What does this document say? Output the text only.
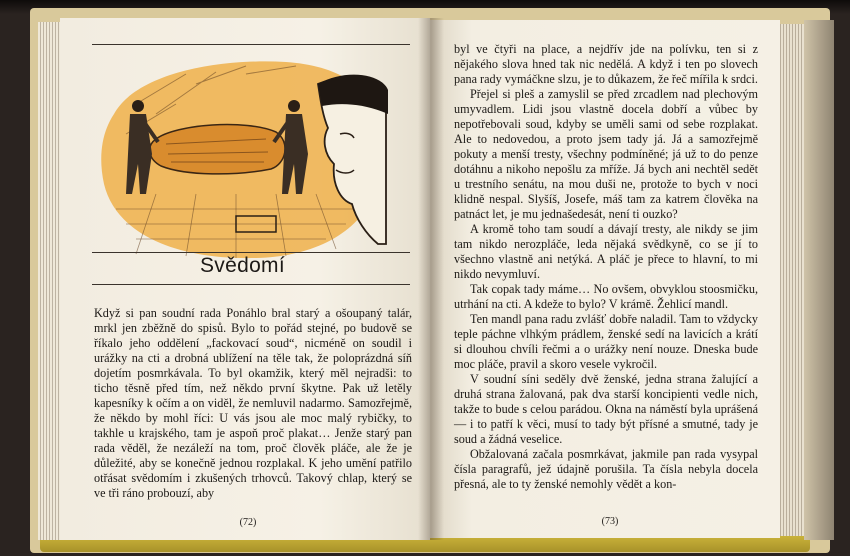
Svědomí

Když si pan soudní rada Ponáhlo bral starý a ošoupaný talár, mrkl jen zběžně do spisů. Bylo to pořád stejné, po budově se říkalo jeho oddělení „fackovací soud“, nicméně on soudil i urážky na cti a drobná ublížení na těle tak, že poloprázdná síň dojetím posmrkávala. To byl okamžik, který měl nejradši: to ticho těsně před tím, než někdo první škytne. Pak už letěly kapesníky k očím a on viděl, že nemluvil nadarmo. Samozřejmě, že někdo by mohl říci: U vás jsou ale moc malý rybičky, to takhle u krajského, tam je aspoň proč plakat… Jenže starý pan rada věděl, že nezáleží na tom, proč člověk pláče, ale že je důležité, aby se konečně jednou rozplakal. K jeho umění patřilo otřásat svědomím i zkušených trhovců. Takový chlap, který se ve tři ráno probouzí, aby

(72)

byl ve čtyři na place, a nejdřív jde na polívku, ten si z nějakého slova hned tak nic nedělá. A když i ten po slovech pana rady vymáčkne slzu, je to důkazem, že řeč mířila k srdci.

Přejel si pleš a zamyslil se před zrcadlem nad plechovým umyvadlem. Lidi jsou vlastně docela dobří a vůbec by nepotřebovali soud, kdyby se uměli sami od sebe rozplakat. Ale to nedovedou, a proto jsem tady já. Já a samozřejmě pokuty a menší tresty, všechny podmíněné; já už to do penze dotáhnu a nikoho nepošlu za mříže. Já bych ani nechtěl sedět u trestního senátu, na mou duši ne, protože to bych v noci klidně nespal. Slyšíš, Josefe, máš tam za katrem člověka na patnáct let, je mu jednašedesát, není ti ouzko?

A kromě toho tam soudí a dávají tresty, ale nikdy se jim tam nikdo nerozpláče, leda nějaká svědkyně, co se jí to všechno vlastně ani netýká. A pláč je přece to hlavní, to mi nikdo nevymluví.

Tak copak tady máme… No ovšem, obvyklou stoosmičku, utrhání na cti. A kdeže to bylo? V krámě. Žehlicí mandl.

Ten mandl pana radu zvlášť dobře naladil. Tam to vždycky teple páchne vlhkým prádlem, ženské sedí na lavicích a krátí si dlouhou chvíli řečmi a o urážky není nouze. Dneska bude moc pláče, pravil a skoro vesele vykročil.

V soudní síni seděly dvě ženské, jedna strana žalující a druhá strana žalovaná, pak dva starší koncipienti vedle nich, takže to bude s celou parádou. Okna na náměstí byla uprášená — i to patří k věci, musí to tady být přísné a smutné, tady je soud a žádná veselice.

Obžalovaná začala posmrkávat, jakmile pan rada vysypal čísla paragrafů, jež údajně porušila. Ta čísla nebyla docela přesná, ale to ty ženské nemohly vědět a kon-

(73)
